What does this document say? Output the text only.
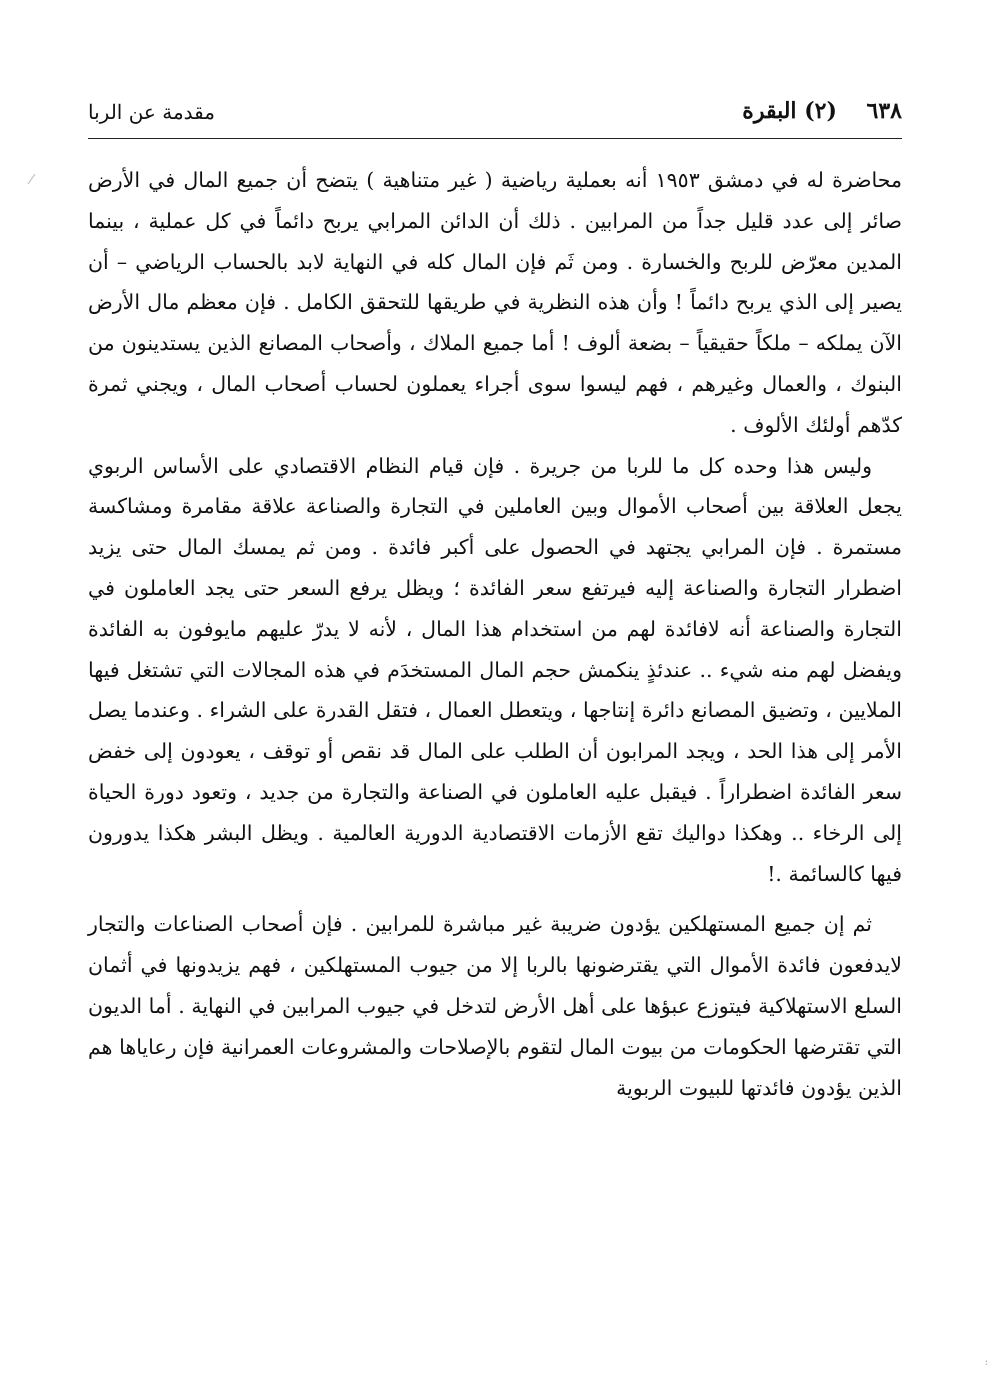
٦٣٨ (٢) البقرة
مقدمة عن الربا

محاضرة له في دمشق ١٩٥٣ أنه بعملية رياضية ( غير متناهية ) يتضح أن جميع المال في الأرض صائر إلى عدد قليل جداً من المرابين . ذلك أن الدائن المرابي يربح دائماً في كل عملية ، بينما المدين معرّض للربح والخسارة . ومن ثَم فإن المال كله في النهاية لابد بالحساب الرياضي – أن يصير إلى الذي يربح دائماً ! وأن هذه النظرية في طريقها للتحقق الكامل . فإن معظم مال الأرض الآن يملكه – ملكاً حقيقياً – بضعة ألوف ! أما جميع الملاك ، وأصحاب المصانع الذين يستدينون من البنوك ، والعمال وغيرهم ، فهم ليسوا سوى أجراء يعملون لحساب أصحاب المال ، ويجني ثمرة كدّهم أولئك الألوف .

وليس هذا وحده كل ما للربا من جريرة . فإن قيام النظام الاقتصادي على الأساس الربوي يجعل العلاقة بين أصحاب الأموال وبين العاملين في التجارة والصناعة علاقة مقامرة ومشاكسة مستمرة . فإن المرابي يجتهد في الحصول على أكبر فائدة . ومن ثم يمسك المال حتى يزيد اضطرار التجارة والصناعة إليه فيرتفع سعر الفائدة ؛ ويظل يرفع السعر حتى يجد العاملون في التجارة والصناعة أنه لافائدة لهم من استخدام هذا المال ، لأنه لا يدرّ عليهم مايوفون به الفائدة ويفضل لهم منه شيء .. عندئذٍ ينكمش حجم المال المستخدَم في هذه المجالات التي تشتغل فيها الملايين ، وتضيق المصانع دائرة إنتاجها ، ويتعطل العمال ، فتقل القدرة على الشراء . وعندما يصل الأمر إلى هذا الحد ، ويجد المرابون أن الطلب على المال قد نقص أو توقف ، يعودون إلى خفض سعر الفائدة اضطراراً . فيقبل عليه العاملون في الصناعة والتجارة من جديد ، وتعود دورة الحياة إلى الرخاء .. وهكذا دواليك تقع الأزمات الاقتصادية الدورية العالمية . ويظل البشر هكذا يدورون فيها كالسائمة .!

ثم إن جميع المستهلكين يؤدون ضريبة غير مباشرة للمرابين . فإن أصحاب الصناعات والتجار لايدفعون فائدة الأموال التي يقترضونها بالربا إلا من جيوب المستهلكين ، فهم يزيدونها في أثمان السلع الاستهلاكية فيتوزع عبؤها على أهل الأرض لتدخل في جيوب المرابين في النهاية . أما الديون التي تقترضها الحكومات من بيوت المال لتقوم بالإصلاحات والمشروعات العمرانية فإن رعاياها هم الذين يؤدون فائدتها للبيوت الربوية

:
